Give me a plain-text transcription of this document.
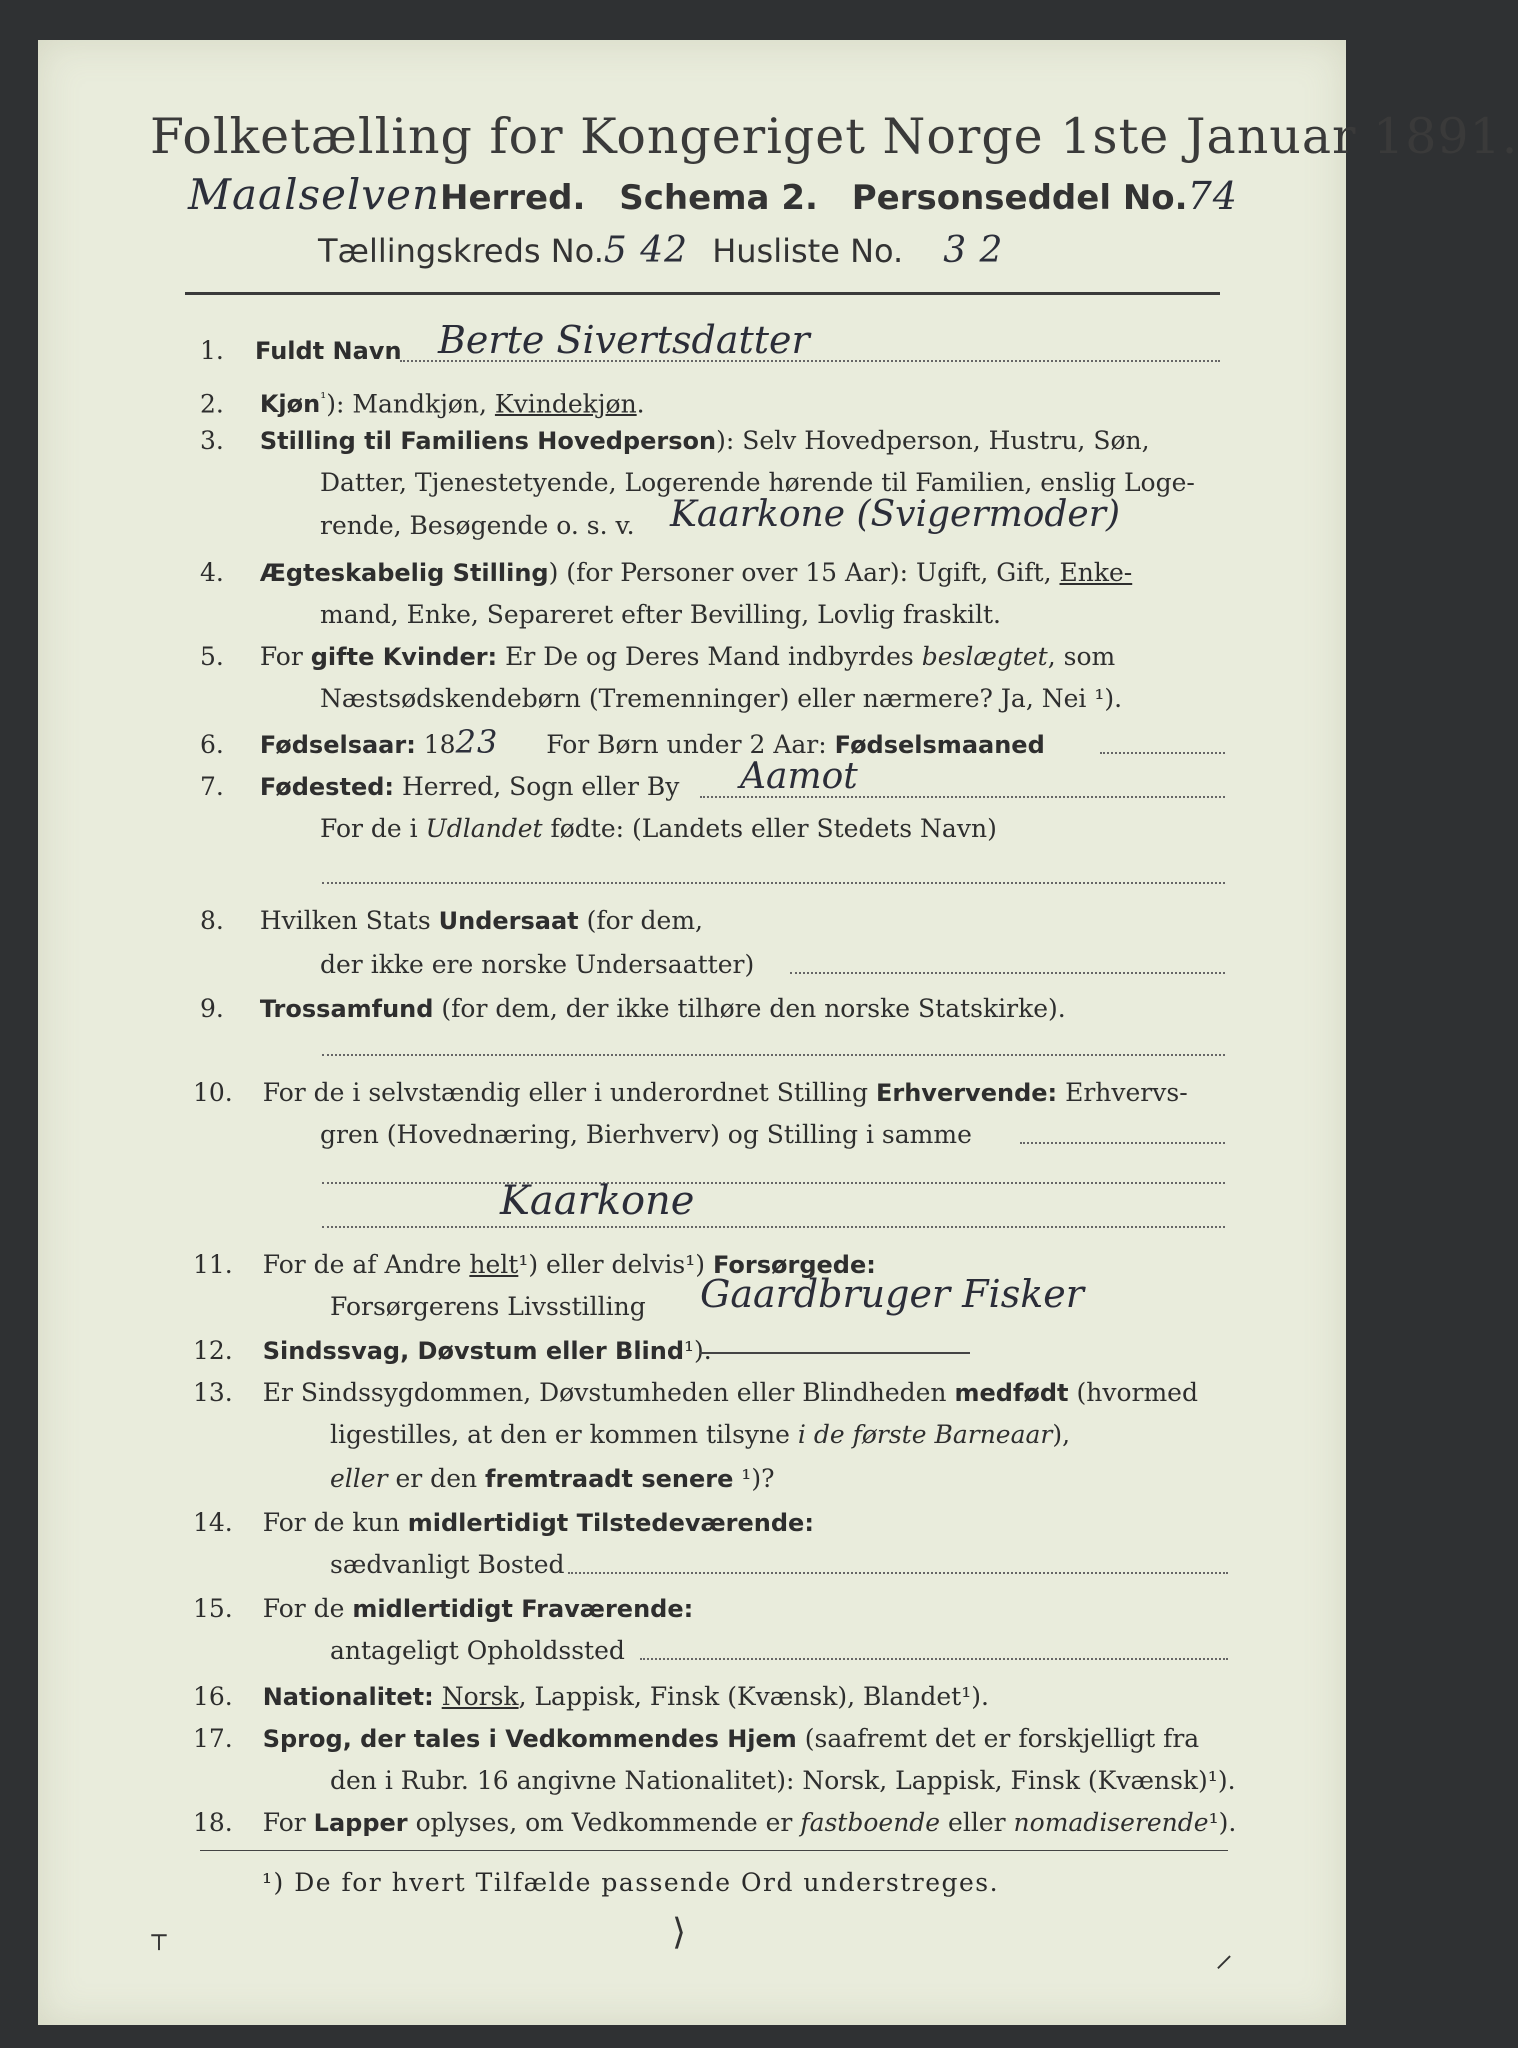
Folketælling for Kongeriget Norge 1ste Januar 1891.
MaalselvenHerred. Schema 2. Personseddel No.74
Tællingskreds No.5 42 Husliste No. 3 2
1.	Fuldt Navn Berte Sivertsdatter
2. Kjøn$^{^1}$): Mandkjøn, Kvindekjøn.
3. Stilling til Familiens Hovedperson): Selv Hovedperson, Hustru, Søn,
Datter, Tjenestetyende, Logerende hørende til Familien, enslig Loge-
rende, Besøgende o. s. v. Kaarkone (Svigermoder)
4. Ægteskabelig Stilling) (for Personer over 15 Aar): Ugift, Gift, Enke-
mand, Enke, Separeret efter Bevilling, Lovlig fraskilt.
5. For gifte Kvinder: Er De og Deres Mand indbyrdes beslægtet, som
Næstsødskendebørn (Tremenninger) eller nærmere? Ja, Nei ¹).
6. Fødselsaar: 1823 For Børn under 2 Aar: Fødselsmaaned
7. Fødested: Herred, Sogn eller By Aamot
For de i Udlandet fødte: (Landets eller Stedets Navn)
8. Hvilken Stats Undersaat (for dem,
der ikke ere norske Undersaatter)
9. Trossamfund (for dem, der ikke tilhøre den norske Statskirke).
10. For de i selvstændig eller i underordnet Stilling Erhvervende: Erhvervs-
gren (Hovednæring, Bierhverv) og Stilling i samme
Kaarkone
11. For de af Andre helt¹) eller delvis¹) Forsørgede:
Forsørgerens Livsstilling Gaardbruger Fisker
12. Sindssvag, Døvstum eller Blind¹).
13. Er Sindssygdommen, Døvstumheden eller Blindheden medfødt (hvormed
ligestilles, at den er kommen tilsyne i de første Barneaar),
eller er den fremtraadt senere ¹)?
14. For de kun midlertidigt Tilstedeværende:
sædvanligt Bosted
15. For de midlertidigt Fraværende:
antageligt Opholdssted
16. Nationalitet: Norsk, Lappisk, Finsk (Kvænsk), Blandet¹).
17. Sprog, der tales i Vedkommendes Hjem (saafremt det er forskjelligt fra
den i Rubr. 16 angivne Nationalitet): Norsk, Lappisk, Finsk (Kvænsk)¹).
18. For Lapper oplyses, om Vedkommende er fastboende eller nomadiserende¹).
¹) De for hvert Tilfælde passende Ord understreges.
⸆	⟩
⸝
